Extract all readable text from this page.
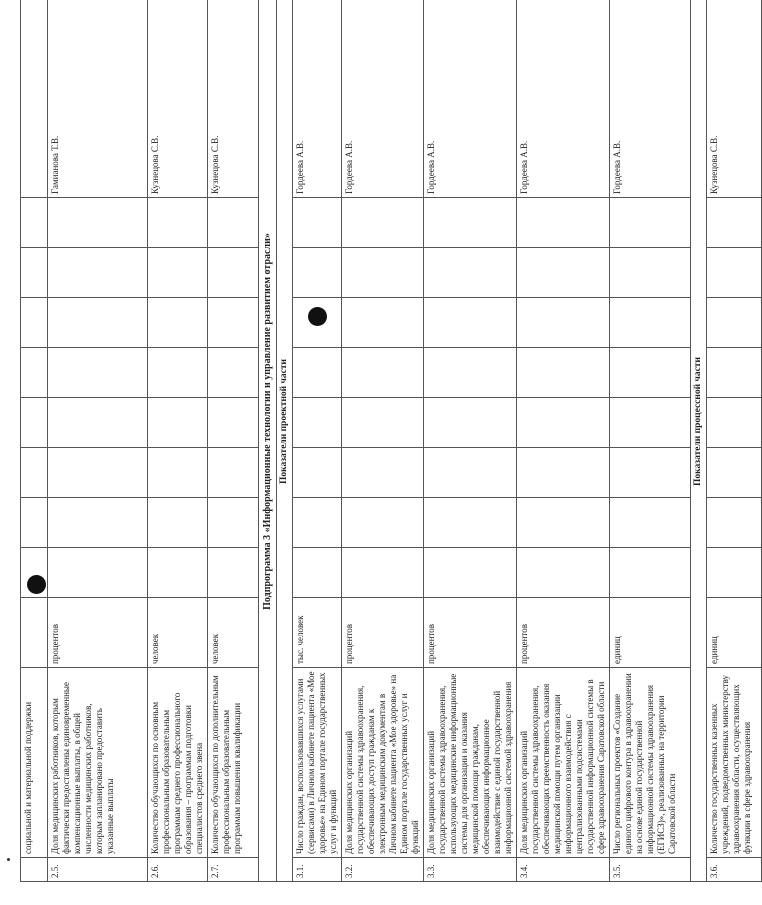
	социальной и материальной поддержки										
2.5.	Доля медицинских работников, которым фактически предоставлены единовременные компенсационные выплаты, в общей численности медицинских работников, которым запланировано предоставить указанные выплаты	процентов									Гамианова Т.В.
2.6.	Количество обучающихся по основным профессиональным образовательным программам среднего профессионального образования – программам подготовки специалистов среднего звена	человек									Кузнецова С.В.
2.7.	Количество обучающихся по дополнительным профессиональным образовательным программам повышения квалификации	человек									Кузнецова С.В.
Подпрограмма 3 «Информационные технологии и управление развитием отрасли»											
Показатели проектной части											
3.1.	Число граждан, воспользовавшихся услугами (сервисами) в Личном кабинете пациента «Мое здоровье» на Едином портале государственных услуг и функций	тыс. человек									Гордеева А.В.
3.2.	Доля медицинских организаций государственной системы здравоохранения, обеспечивающих доступ гражданам к электронным медицинским документам в Личном кабинете пациента «Мое здоровье» на Едином портале государственных услуг и функций	процентов									Гордеева А.В.
3.3.	Доля медицинских организаций государственной системы здравоохранения, использующих медицинские информационные системы для организации и оказания медицинской помощи гражданам, обеспечивающих информационное взаимодействие с единой государственной информационной системой здравоохранения	процентов									Гордеева А.В.
3.4.	Доля медицинских организаций государственной системы здравоохранения, обеспечивающих преемственность оказания медицинской помощи путем организации информационного взаимодействия с централизованными подсистемами государственной информационной системы в сфере здравоохранения Саратовской области	процентов									Гордеева А.В.
3.5.	Число региональных проектов «Создание единого цифрового контура в здравоохранении на основе единой государственной информационной системы здравоохранения (ЕГИСЗ)», реализованных на территории Саратовской области	единиц									Гордеева А.В.
Показатели процессной части											
3.6.	Количество государственных казенных учреждений, подведомственных министерству здравоохранения области, осуществляющих функции в сфере здравоохранения	единиц									Кузнецова С.В.
